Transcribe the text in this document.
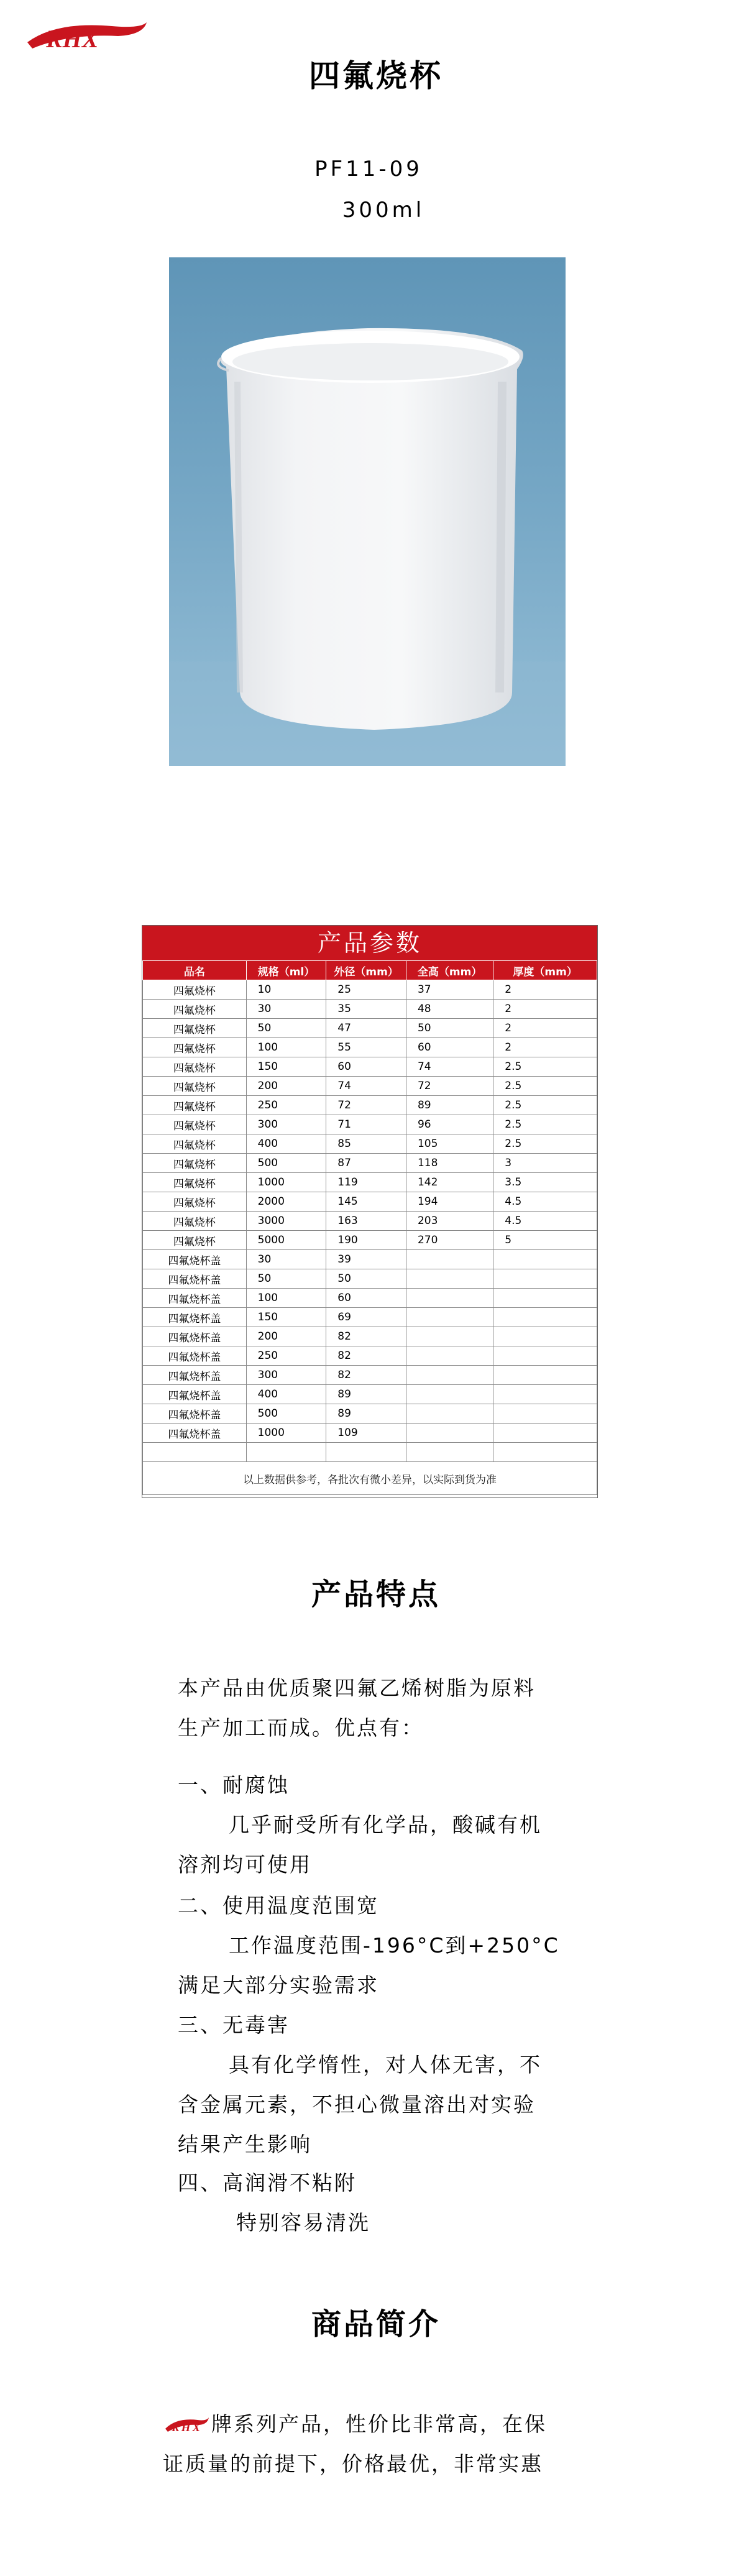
RHX
四氟烧杯
PF11-09
300ml
产品参数
品名	规格（ml）	外径（mm）	全高（mm）	厚度（mm）
四氟烧杯	10	25	37	2
四氟烧杯	30	35	48	2
四氟烧杯	50	47	50	2
四氟烧杯	100	55	60	2
四氟烧杯	150	60	74	2.5
四氟烧杯	200	74	72	2.5
四氟烧杯	250	72	89	2.5
四氟烧杯	300	71	96	2.5
四氟烧杯	400	85	105	2.5
四氟烧杯	500	87	118	3
四氟烧杯	1000	119	142	3.5
四氟烧杯	2000	145	194	4.5
四氟烧杯	3000	163	203	4.5
四氟烧杯	5000	190	270	5
四氟烧杯盖	30	39		
四氟烧杯盖	50	50		
四氟烧杯盖	100	60		
四氟烧杯盖	150	69		
四氟烧杯盖	200	82		
四氟烧杯盖	250	82		
四氟烧杯盖	300	82		
四氟烧杯盖	400	89		
四氟烧杯盖	500	89		
四氟烧杯盖	1000	109		

以上数据供参考，各批次有微小差异，以实际到货为准				
产品特点
本产品由优质聚四氟乙烯树脂为原料
生产加工而成。优点有：
一、耐腐蚀
几乎耐受所有化学品，酸碱有机
溶剂均可使用
二、使用温度范围宽
工作温度范围-196°C到+250°C
满足大部分实验需求
三、无毒害
具有化学惰性，对人体无害，不
含金属元素，不担心微量溶出对实验
结果产生影响
四、高润滑不粘附
特别容易清洗
商品简介
RHX 牌系列产品，性价比非常高，在保
证质量的前提下，价格最优，非常实惠
